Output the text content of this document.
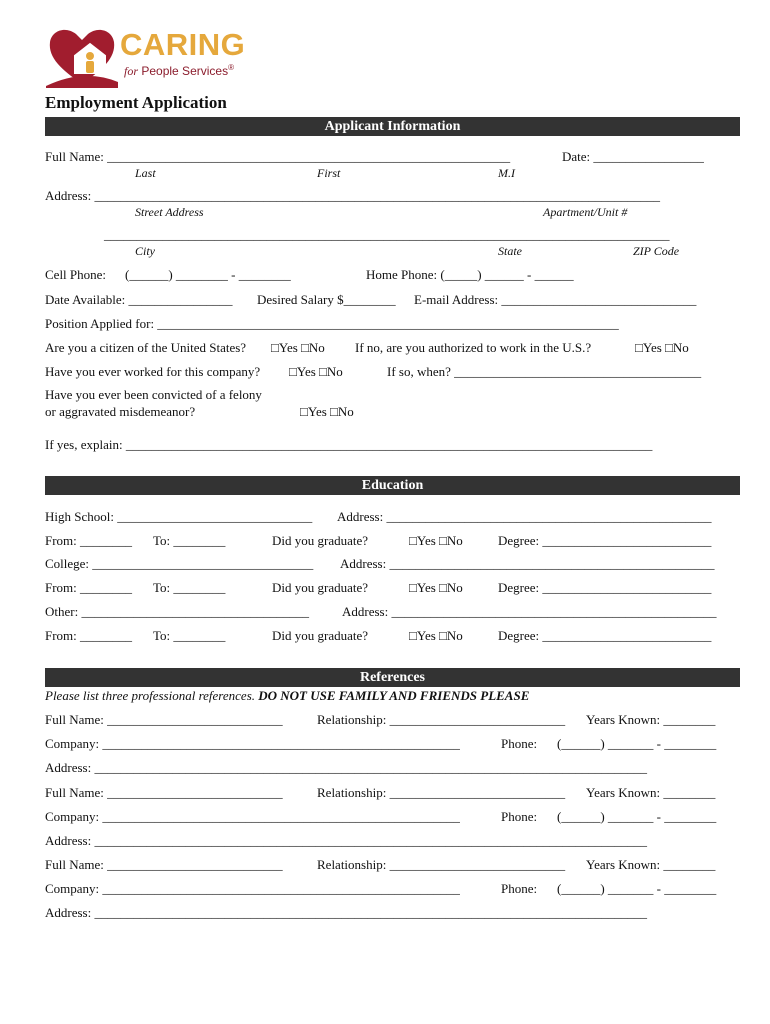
CARING
for People Services®
Employment Application
Applicant Information
Full Name: ______________________________________________________________	Date: _________________
Last	First	M.I
Address: _______________________________________________________________________________________
Street Address	Apartment/Unit #
_______________________________________________________________________________________
City	State	ZIP Code
Cell Phone: (______) ________ - ________	Home Phone: (_____) ______ - ______
Date Available: ________________ Desired Salary $________ E-mail Address: ______________________________
Position Applied for: _______________________________________________________________________
Are you a citizen of the United States? □Yes □No If no, are you authorized to work in the U.S.?	□Yes □No
Have you ever worked for this company? □Yes □No	If so, when? ______________________________________
Have you ever been convicted of a felony
or aggravated misdemeanor?	□Yes □No
If yes, explain: _________________________________________________________________________________
Education
High School: ______________________________ Address: __________________________________________________
From: ________ To: ________	Did you graduate?	□Yes □No	Degree: __________________________
College: __________________________________ Address: __________________________________________________
From: ________ To: ________	Did you graduate?	□Yes □No	Degree: __________________________
Other: ___________________________________	Address: __________________________________________________
From: ________ To: ________	Did you graduate?	□Yes □No	Degree: __________________________
References
Please list three professional references. DO NOT USE FAMILY AND FRIENDS PLEASE
Full Name: ___________________________	Relationship: ___________________________ Years Known: ________
Company: _______________________________________________________	Phone: (______) _______ - ________
Address: _____________________________________________________________________________________
Full Name: ___________________________	Relationship: ___________________________ Years Known: ________
Company: _______________________________________________________	Phone: (______) _______ - ________
Address: _____________________________________________________________________________________
Full Name: ___________________________	Relationship: ___________________________ Years Known: ________
Company: _______________________________________________________	Phone: (______) _______ - ________
Address: _____________________________________________________________________________________
